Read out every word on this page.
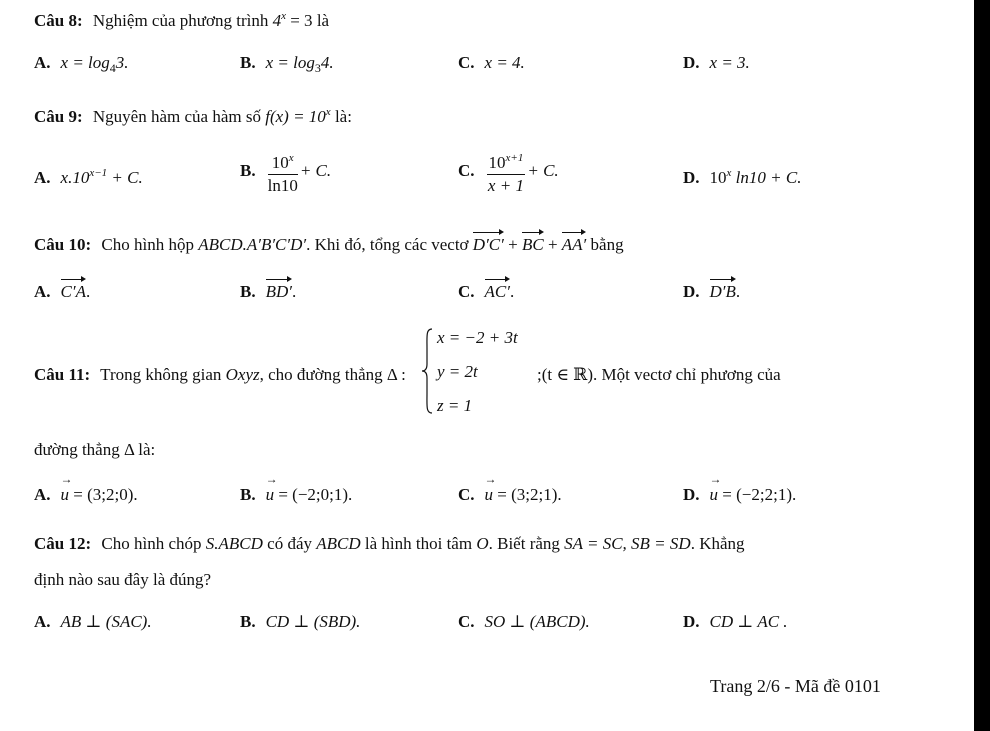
Câu 8: Nghiệm của phương trình $4^x = 3$ là
A. $x = \log_43$.	B. $x = \log_34$.	C. x = 4.	D. x = 3.
Câu 9: Nguyên hàm của hàm số $f(x) = 10^x$ là:
A. $x.10^{x-1} + C$.	B. $\frac{10^x}{\ln 10} + C$.	C. $\frac{10^{x+1}}{x + 1} + C$.	D. 10$^x$ ln10 + C.
Câu 10: Cho hình hộp ABCD.A′B′C′D′. Khi đó, tổng các vectơ D′C′ + BC + AA′ bằng
A. C′A.	B. BD′.	C. AC′.	D. D′B.
Câu 11: Trong không gian Oxyz, cho đường thẳng Δ :
x = −2 + 3t
y = 2t
z = 1
;(t ∈ ℝ). Một vectơ chỉ phương của
đường thẳng Δ là:
A. → u = (3;2;0).	B. → u = (−2;0;1).	C. → u = (3;2;1).	D. → u = (−2;2;1).
Câu 12: Cho hình chóp S.ABCD có đáy ABCD là hình thoi tâm O. Biết rằng SA = SC, SB = SD. Khẳng
định nào sau đây là đúng?
A. AB ⊥ (SAC).	B. CD ⊥ (SBD).	C. SO ⊥ (ABCD).	D. CD ⊥ AC .
Trang 2/6 - Mã đề 0101
